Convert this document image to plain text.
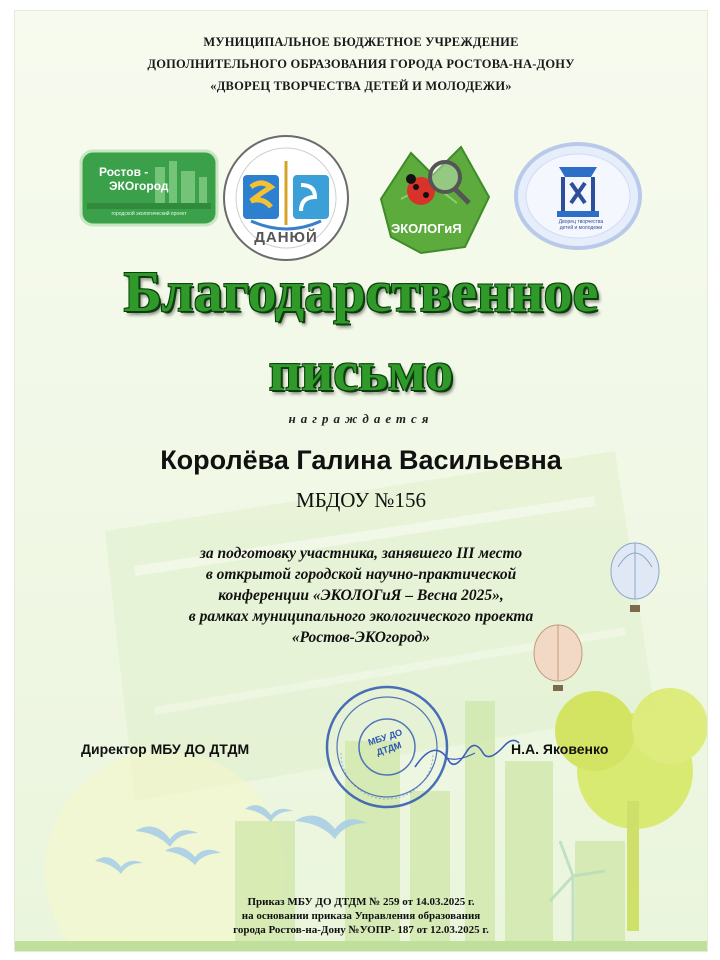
МУНИЦИПАЛЬНОЕ БЮДЖЕТНОЕ УЧРЕЖДЕНИЕ
ДОПОЛНИТЕЛЬНОГО ОБРАЗОВАНИЯ ГОРОДА РОСТОВА-НА-ДОНУ
«ДВОРЕЦ ТВОРЧЕСТВА ДЕТЕЙ И МОЛОДЕЖИ»
Ростов -
ЭКОгород
городской экологический проект
ДАНЮЙ
ЭКОЛОГиЯ	Дворец творчества детей и молодежи
Благодарственное
письмо
награждается
Королёва Галина Васильевна
МБДОУ №156
за подготовку участника, занявшего III место
в открытой городской научно-практической
конференции «ЭКОЛОГиЯ – Весна 2025»,
в рамках муниципального экологического проекта
«Ростов-ЭКОгород»
МБУ ДО ДТДМ
Директор МБУ ДО ДТДМ	Н.А. Яковенко
Приказ МБУ ДО ДТДМ № 259 от 14.03.2025 г.
на основании приказа Управления образования
города Ростов-на-Дону №УОПР- 187 от 12.03.2025 г.
